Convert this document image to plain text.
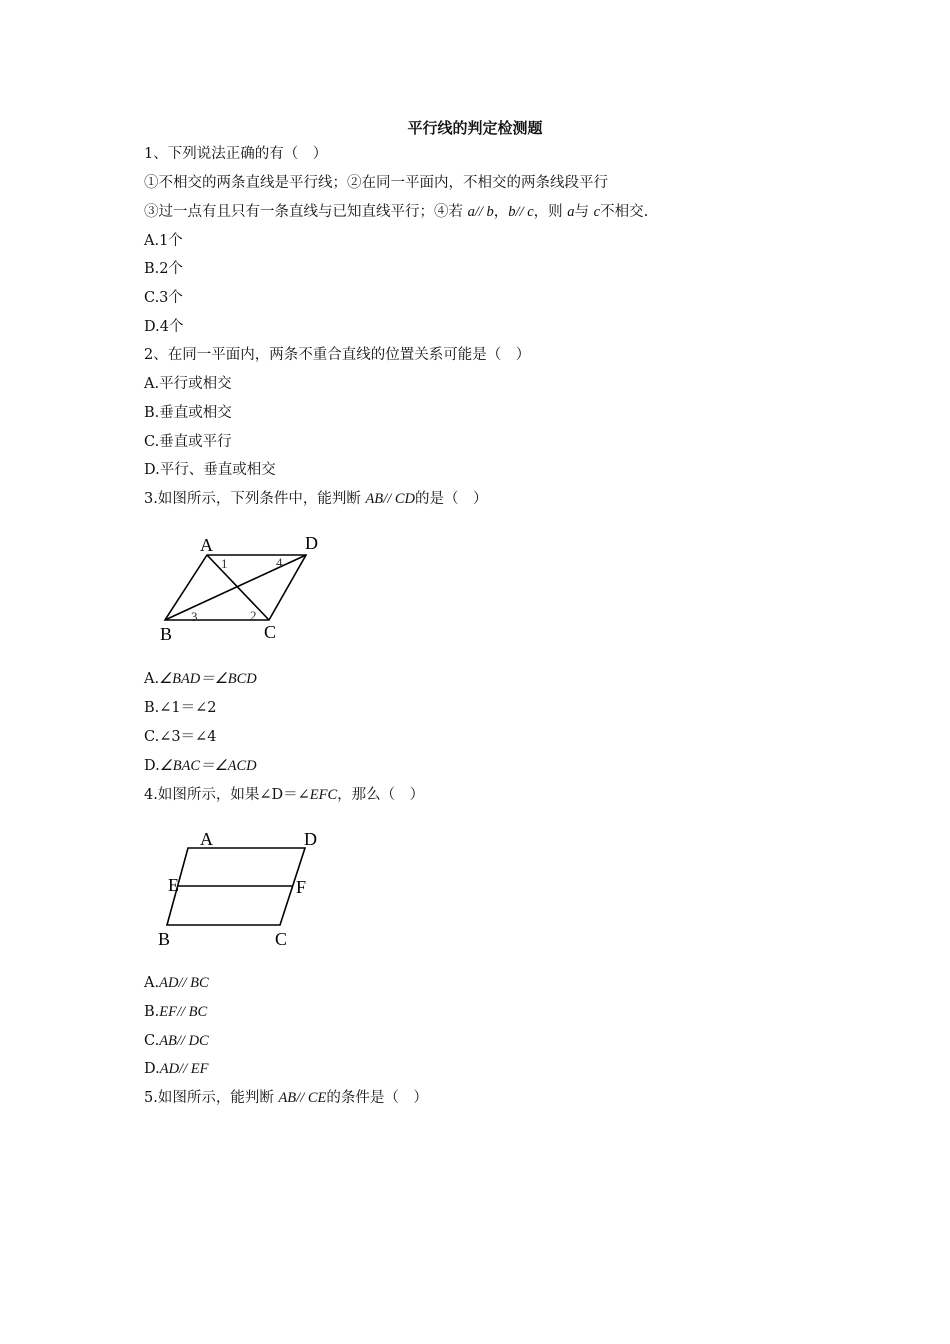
平行线的判定检测题
1、下列说法正确的有（　）
①不相交的两条直线是平行线；②在同一平面内，不相交的两条线段平行
③过一点有且只有一条直线与已知直线平行；④若 a// b，b// c，则 a与 c不相交.
A.1个
B.2个
C.3个
D.4个
2、在同一平面内，两条不重合直线的位置关系可能是（　）
A.平行或相交
B.垂直或相交
C.垂直或平行
D.平行、垂直或相交
3.如图所示，下列条件中，能判断 AB// CD的是（　）
A	D
B	C
1	4
3	2
A	D
E	F
B	C
A.∠BAD＝∠BCD
B.∠1＝∠2
C.∠3＝∠4
D.∠BAC＝∠ACD
4.如图所示，如果∠D＝∠EFC，那么（　）
A.AD// BC
B.EF// BC
C.AB// DC
D.AD// EF
5.如图所示，能判断 AB// CE的条件是（　）
